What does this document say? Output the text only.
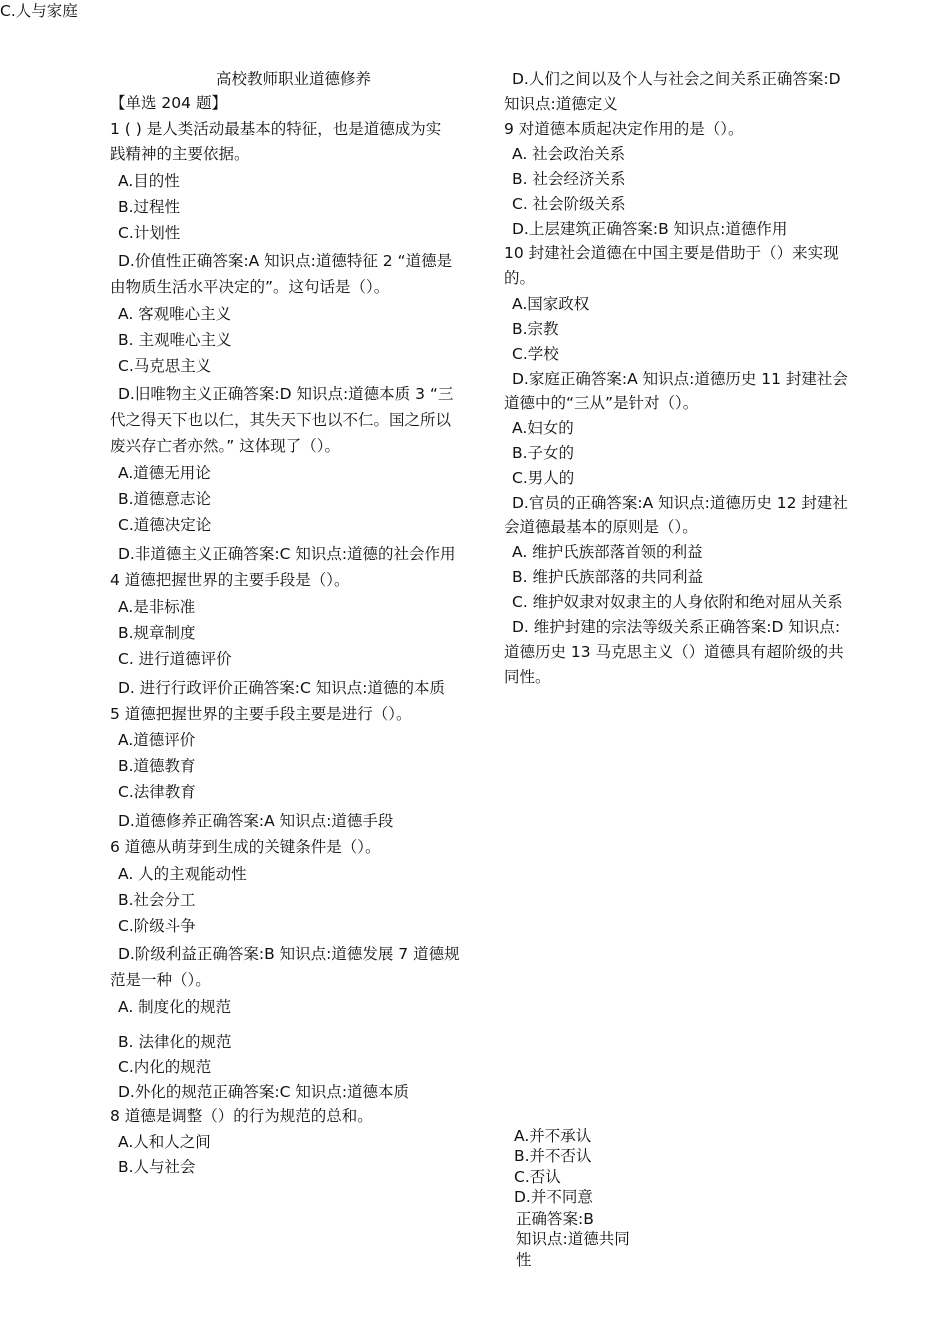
高校教师职业道德修养
【单选 204 题】
1 ( ) 是人类活动最基本的特征，也是道德成为实
践精神的主要依据。
A.目的性
B.过程性
C.计划性
D.价值性正确答案:A 知识点:道德特征 2 “道德是
由物质生活水平决定的”。这句话是（）。
A. 客观唯心主义
B. 主观唯心主义
C.马克思主义
D.旧唯物主义正确答案:D 知识点:道德本质 3 “三
代之得天下也以仁，其失天下也以不仁。国之所以
废兴存亡者亦然。” 这体现了（）。
A.道德无用论
B.道德意志论
C.道德决定论
D.非道德主义正确答案:C 知识点:道德的社会作用
4 道德把握世界的主要手段是（）。
A.是非标准
B.规章制度
C. 进行道德评价
D. 进行行政评价正确答案:C 知识点:道德的本质
5 道德把握世界的主要手段主要是进行（）。
A.道德评价
B.道德教育
C.法律教育
D.道德修养正确答案:A 知识点:道德手段
6 道德从萌芽到生成的关键条件是（）。
A. 人的主观能动性
B.社会分工
C.阶级斗争
D.阶级利益正确答案:B 知识点:道德发展 7 道德规
范是一种（）。
A. 制度化的规范
B. 法律化的规范
C.内化的规范
D.外化的规范正确答案:C 知识点:道德本质
8 道德是调整（）的行为规范的总和。
A.人和人之间
B.人与社会
C.人与家庭
D.人们之间以及个人与社会之间关系正确答案:D
知识点:道德定义
9 对道德本质起决定作用的是（）。
A. 社会政治关系
B. 社会经济关系
C. 社会阶级关系
D.上层建筑正确答案:B 知识点:道德作用
10 封建社会道德在中国主要是借助于（）来实现
的。
A.国家政权
B.宗教
C.学校
D.家庭正确答案:A 知识点:道德历史 11 封建社会
道德中的“三从”是针对（）。
A.妇女的
B.子女的
C.男人的
D.官员的正确答案:A 知识点:道德历史 12 封建社
会道德最基本的原则是（）。
A. 维护氏族部落首领的利益
B. 维护氏族部落的共同利益
C. 维护奴隶对奴隶主的人身依附和绝对屈从关系
D. 维护封建的宗法等级关系正确答案:D 知识点:
道德历史 13 马克思主义（）道德具有超阶级的共
同性。
A.并不承认
B.并不否认
C.否认
D.并不同意
正确答案:B
知识点:道德共同
性
